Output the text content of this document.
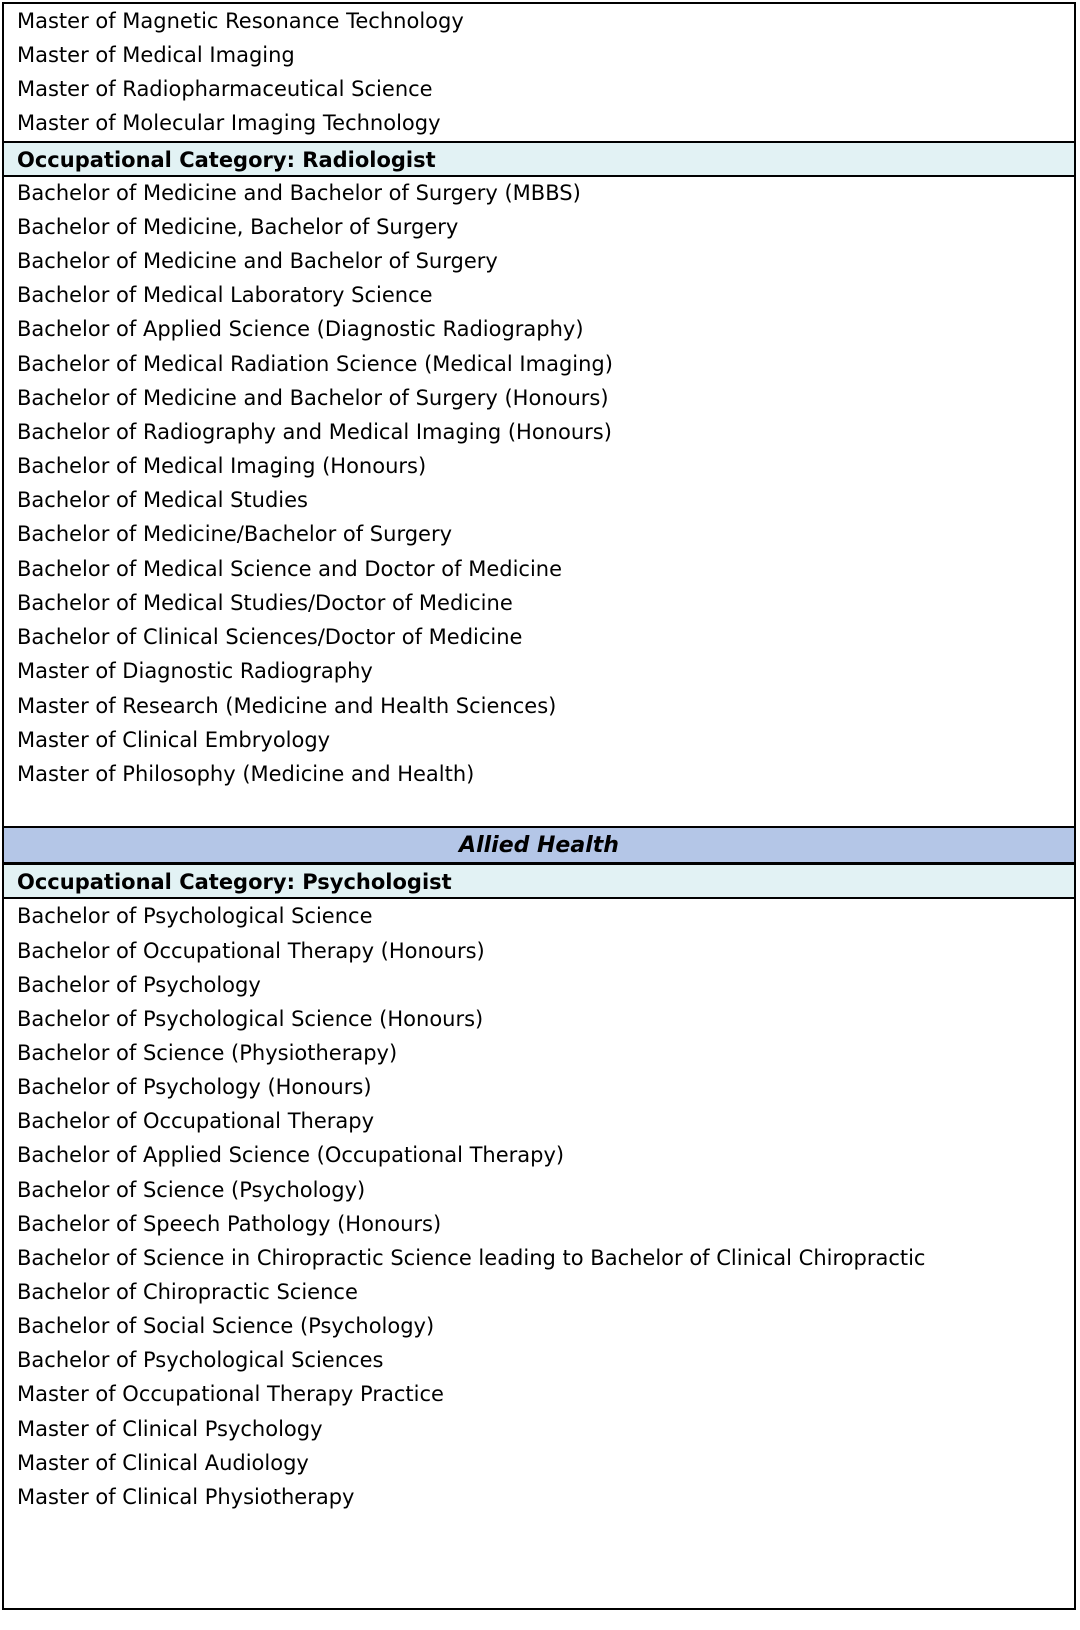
Master of Magnetic Resonance Technology
Master of Medical Imaging
Master of Radiopharmaceutical Science
Master of Molecular Imaging Technology
Occupational Category: Radiologist
Bachelor of Medicine and Bachelor of Surgery (MBBS)
Bachelor of Medicine, Bachelor of Surgery
Bachelor of Medicine and Bachelor of Surgery
Bachelor of Medical Laboratory Science
Bachelor of Applied Science (Diagnostic Radiography)
Bachelor of Medical Radiation Science (Medical Imaging)
Bachelor of Medicine and Bachelor of Surgery (Honours)
Bachelor of Radiography and Medical Imaging (Honours)
Bachelor of Medical Imaging (Honours)
Bachelor of Medical Studies
Bachelor of Medicine/Bachelor of Surgery
Bachelor of Medical Science and Doctor of Medicine
Bachelor of Medical Studies/Doctor of Medicine
Bachelor of Clinical Sciences/Doctor of Medicine
Master of Diagnostic Radiography
Master of Research (Medicine and Health Sciences)
Master of Clinical Embryology
Master of Philosophy (Medicine and Health)
Allied Health
Occupational Category: Psychologist
Bachelor of Psychological Science
Bachelor of Occupational Therapy (Honours)
Bachelor of Psychology
Bachelor of Psychological Science (Honours)
Bachelor of Science (Physiotherapy)
Bachelor of Psychology (Honours)
Bachelor of Occupational Therapy
Bachelor of Applied Science (Occupational Therapy)
Bachelor of Science (Psychology)
Bachelor of Speech Pathology (Honours)
Bachelor of Science in Chiropractic Science leading to Bachelor of Clinical Chiropractic
Bachelor of Chiropractic Science
Bachelor of Social Science (Psychology)
Bachelor of Psychological Sciences
Master of Occupational Therapy Practice
Master of Clinical Psychology
Master of Clinical Audiology
Master of Clinical Physiotherapy
